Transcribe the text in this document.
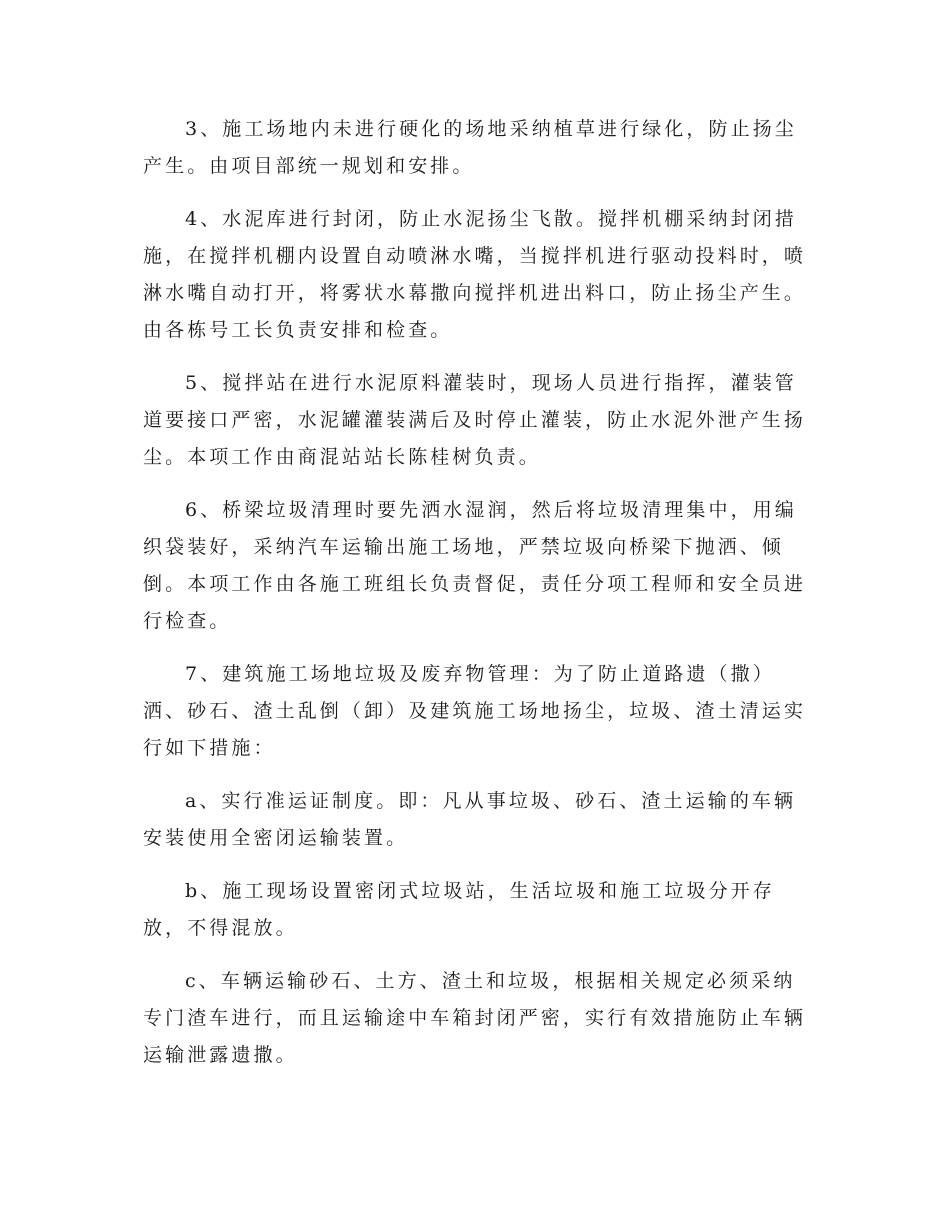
3、施工场地内未进行硬化的场地采纳植草进行绿化，防止扬尘产生。由项目部统一规划和安排。

4、水泥库进行封闭，防止水泥扬尘飞散。搅拌机棚采纳封闭措施，在搅拌机棚内设置自动喷淋水嘴，当搅拌机进行驱动投料时，喷淋水嘴自动打开，将雾状水幕撒向搅拌机进出料口，防止扬尘产生。由各栋号工长负责安排和检查。

5、搅拌站在进行水泥原料灌装时，现场人员进行指挥，灌装管道要接口严密，水泥罐灌装满后及时停止灌装，防止水泥外泄产生扬尘。本项工作由商混站站长陈桂树负责。

6、桥梁垃圾清理时要先洒水湿润，然后将垃圾清理集中，用编织袋装好，采纳汽车运输出施工场地，严禁垃圾向桥梁下抛洒、倾倒。本项工作由各施工班组长负责督促，责任分项工程师和安全员进行检查。

7、建筑施工场地垃圾及废弃物管理：为了防止道路遗（撒）洒、砂石、渣土乱倒（卸）及建筑施工场地扬尘，垃圾、渣土清运实行如下措施：

a、实行准运证制度。即：凡从事垃圾、砂石、渣土运输的车辆安装使用全密闭运输装置。

b、施工现场设置密闭式垃圾站，生活垃圾和施工垃圾分开存放，不得混放。

c、车辆运输砂石、土方、渣土和垃圾，根据相关规定必须采纳专门渣车进行，而且运输途中车箱封闭严密，实行有效措施防止车辆运输泄露遗撒。
